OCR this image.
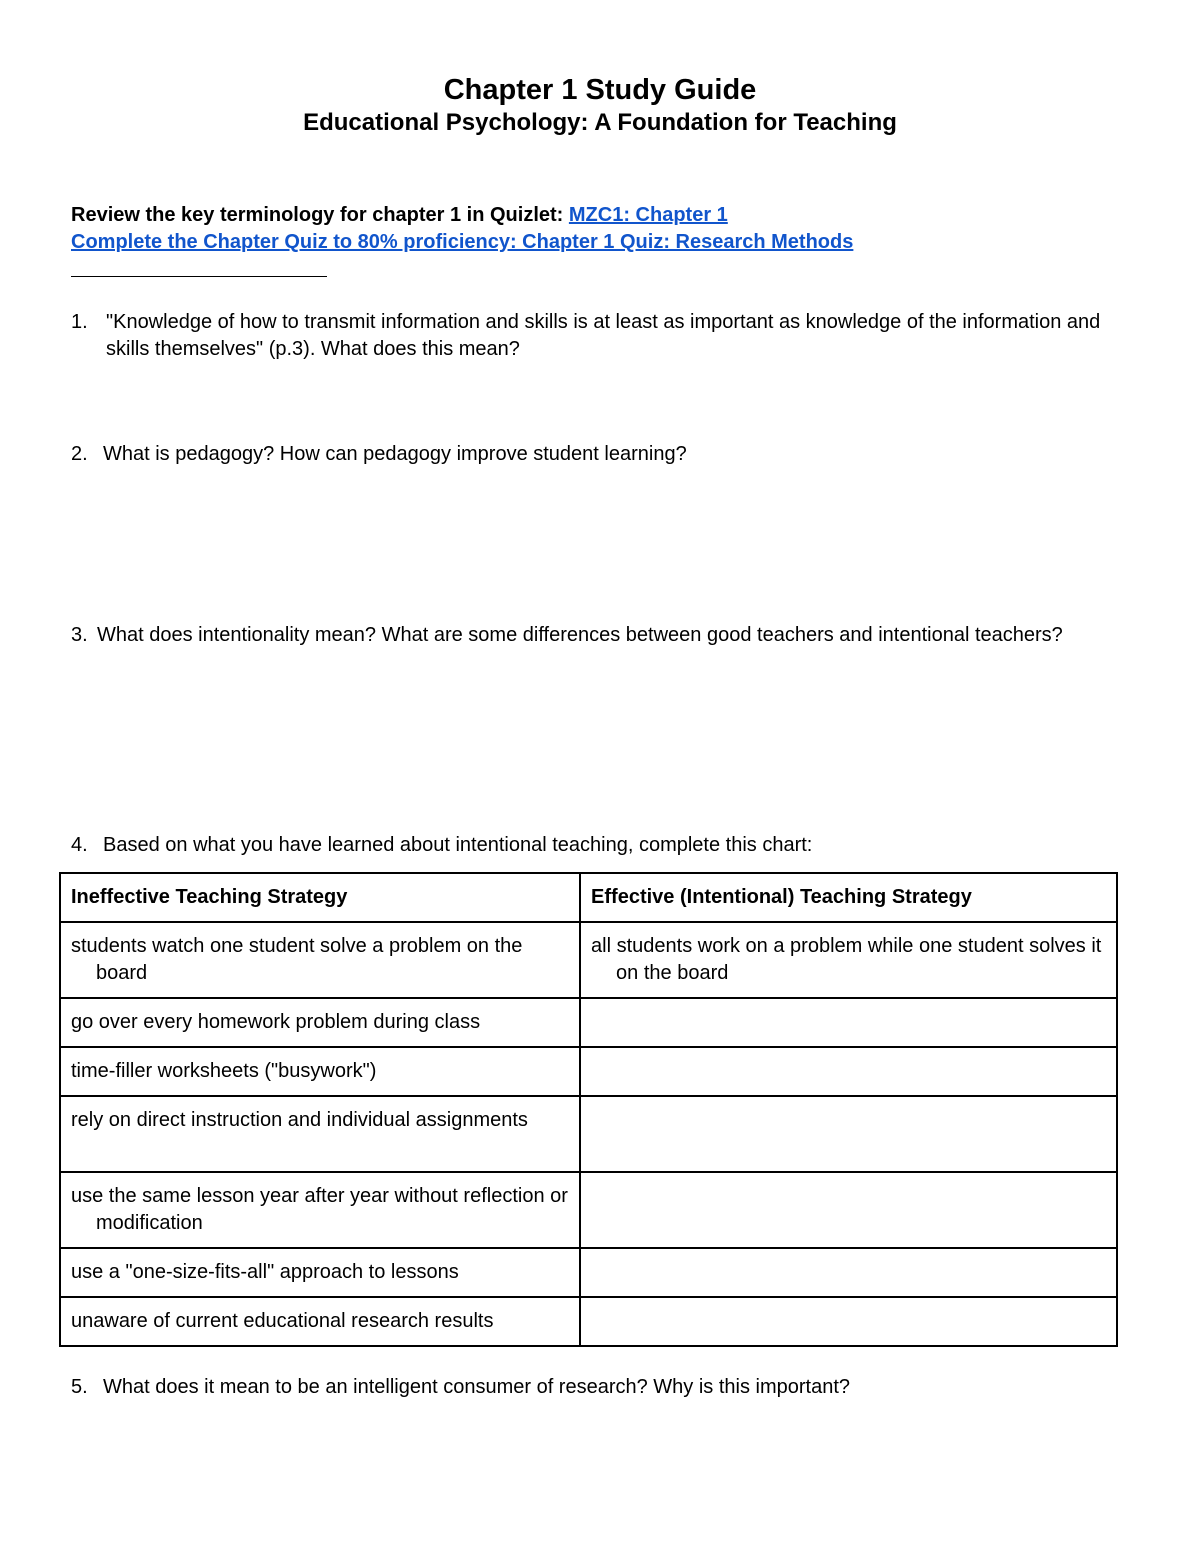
Chapter 1 Study Guide
Educational Psychology: A Foundation for Teaching
Review the key terminology for chapter 1 in Quizlet: MZC1: Chapter 1
Complete the Chapter Quiz to 80% proficiency: Chapter 1 Quiz: Research Methods
1. "Knowledge of how to transmit information and skills is at least as important as knowledge of the information and skills themselves" (p.3). What does this mean?
2. What is pedagogy? How can pedagogy improve student learning?
3. What does intentionality mean? What are some differences between good teachers and intentional teachers?
4. Based on what you have learned about intentional teaching, complete this chart:
Ineffective Teaching Strategy	Effective (Intentional) Teaching Strategy

students watch one student solve a problem on the board	all students work on a problem while one student solves it on the board

go over every homework problem during class	

time-filler worksheets ("busywork")	

rely on direct instruction and individual assignments	

use the same lesson year after year without reflection or modification	

use a "one-size-fits-all" approach to lessons	

unaware of current educational research results	

5. What does it mean to be an intelligent consumer of research? Why is this important?
